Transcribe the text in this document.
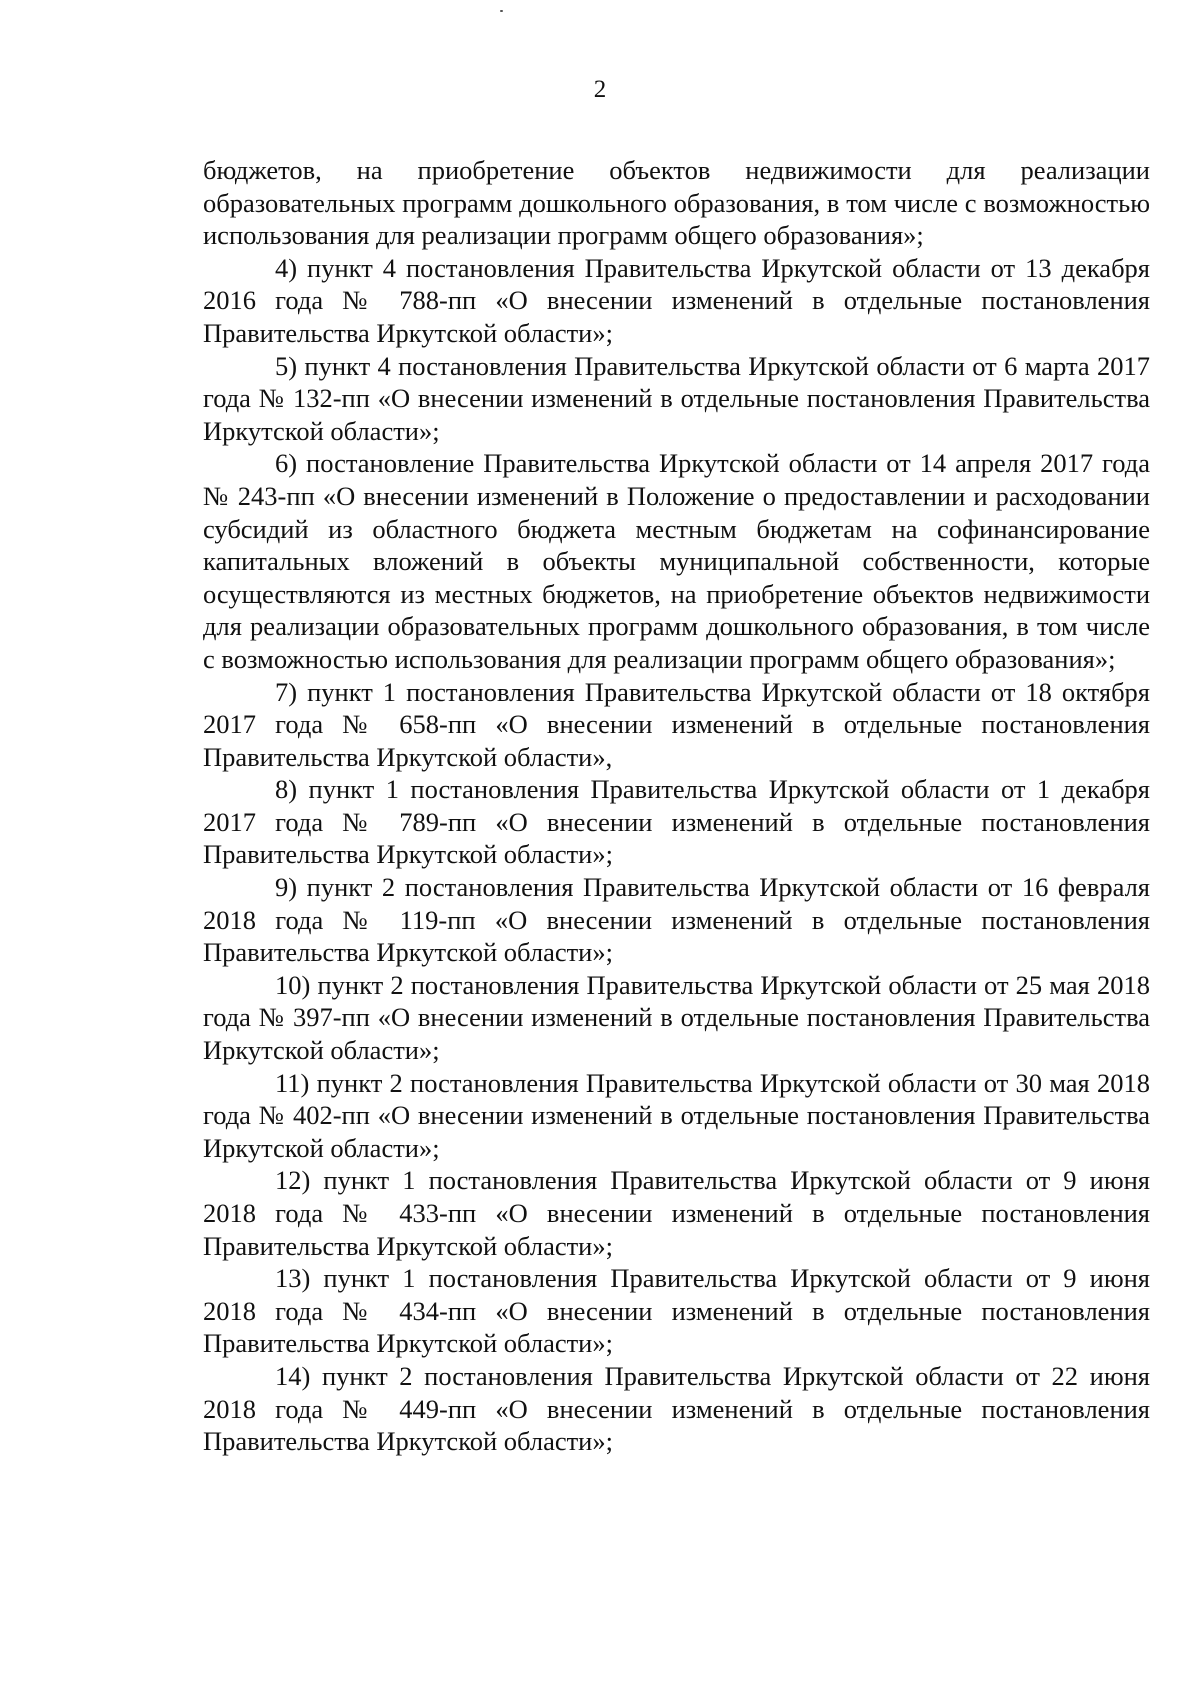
2

бюджетов, на приобретение объектов недвижимости для реализации образовательных программ дошкольного образования, в том числе с возможностью использования для реализации программ общего образования»;

4) пункт 4 постановления Правительства Иркутской области от 13 декабря 2016 года № 788-пп «О внесении изменений в отдельные постановления Правительства Иркутской области»;

5) пункт 4 постановления Правительства Иркутской области от 6 марта 2017 года № 132-пп «О внесении изменений в отдельные постановления Правительства Иркутской области»;

6) постановление Правительства Иркутской области от 14 апреля 2017 года № 243-пп «О внесении изменений в Положение о предоставлении и расходовании субсидий из областного бюджета местным бюджетам на софинансирование капитальных вложений в объекты муниципальной собственности, которые осуществляются из местных бюджетов, на приобретение объектов недвижимости для реализации образовательных программ дошкольного образования, в том числе с возможностью использования для реализации программ общего образования»;

7) пункт 1 постановления Правительства Иркутской области от 18 октября 2017 года № 658-пп «О внесении изменений в отдельные постановления Правительства Иркутской области»,

8) пункт 1 постановления Правительства Иркутской области от 1 декабря 2017 года № 789-пп «О внесении изменений в отдельные постановления Правительства Иркутской области»;

9) пункт 2 постановления Правительства Иркутской области от 16 февраля 2018 года № 119-пп «О внесении изменений в отдельные постановления Правительства Иркутской области»;

10) пункт 2 постановления Правительства Иркутской области от 25 мая 2018 года № 397-пп «О внесении изменений в отдельные постановления Правительства Иркутской области»;

11) пункт 2 постановления Правительства Иркутской области от 30 мая 2018 года № 402-пп «О внесении изменений в отдельные постановления Правительства Иркутской области»;

12) пункт 1 постановления Правительства Иркутской области от 9 июня 2018 года № 433-пп «О внесении изменений в отдельные постановления Правительства Иркутской области»;

13) пункт 1 постановления Правительства Иркутской области от 9 июня 2018 года № 434-пп «О внесении изменений в отдельные постановления Правительства Иркутской области»;

14) пункт 2 постановления Правительства Иркутской области от 22 июня 2018 года № 449-пп «О внесении изменений в отдельные постановления Правительства Иркутской области»;
